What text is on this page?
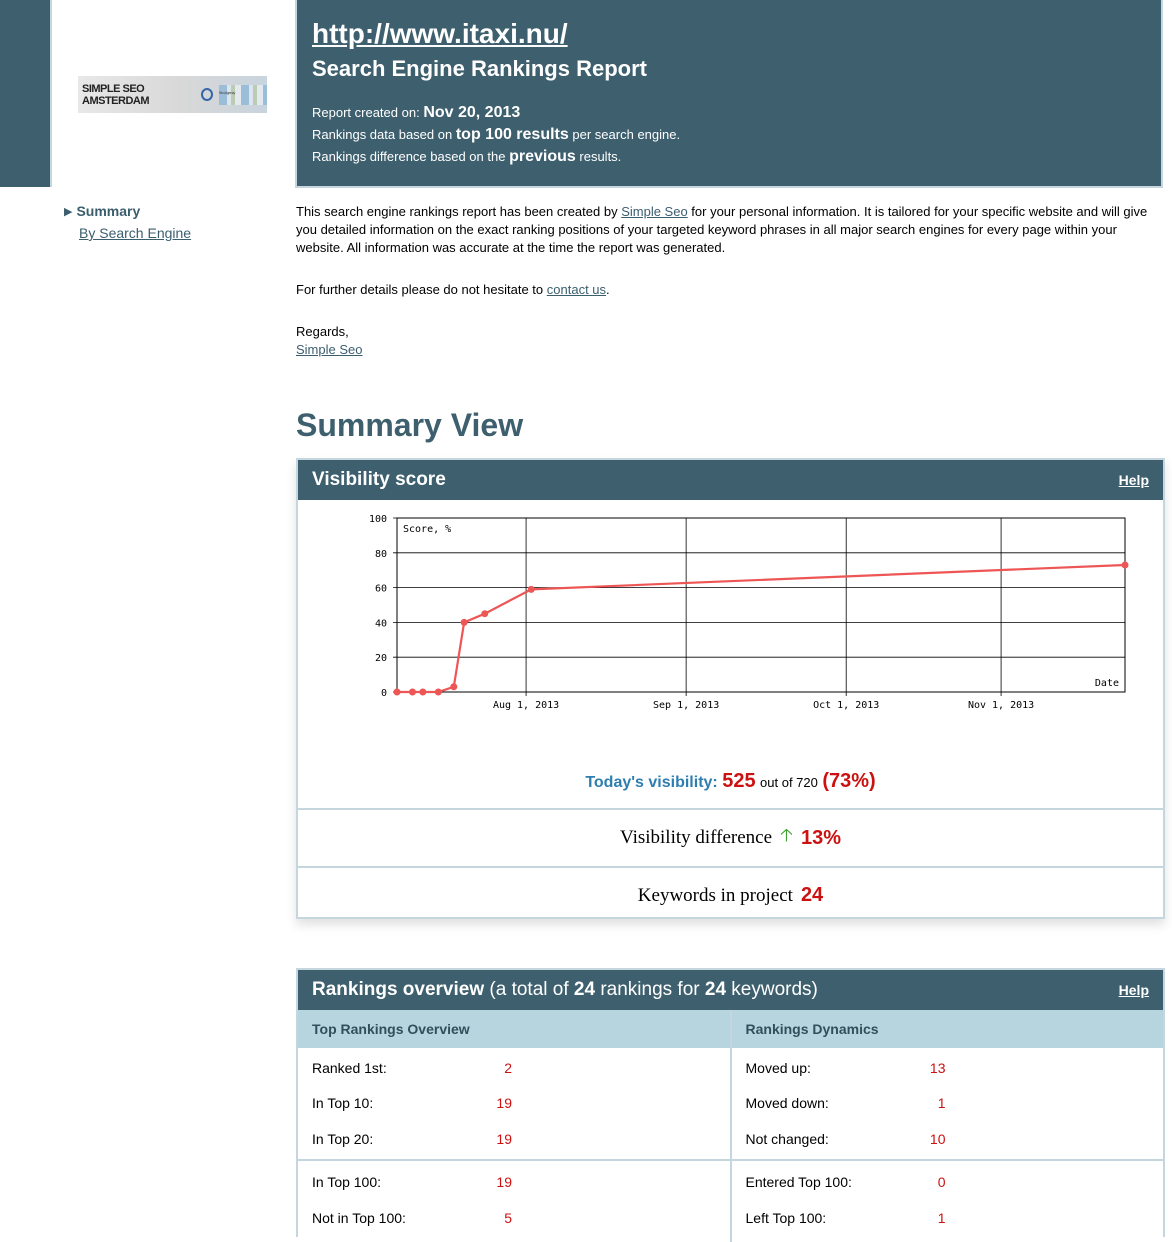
SIMPLE SEO AMSTERDAM
Seo Agency
▶ Summary
By Search Engine
http://www.itaxi.nu/
Search Engine Rankings Report
Report created on: Nov 20, 2013
Rankings data based on top 100 results per search engine.
Rankings difference based on the previous results.

This search engine rankings report has been created by Simple Seo for your personal information. It is tailored for your specific website and will give you detailed information on the exact ranking positions of your targeted keyword phrases in all major search engines for every page within your website. All information was accurate at the time the report was generated.

For further details please do not hesitate to contact us.

Regards,
Simple Seo

Summary View
Visibility score	Help
0
20
40
60
80
100
Aug 1, 2013	Sep 1, 2013	Oct 1, 2013	Nov 1, 2013
Score, %
Date
Today's visibility: 525 out of 720 (73%)
Visibility difference 🡡 13%
Keywords in project 24
Rankings overview (a total of 24 rankings for 24 keywords)	Help
Top Rankings Overview
Ranked 1st:	2
In Top 10:	19
In Top 20:	19
In Top 100:	19
Not in Top 100:	5
Rankings Dynamics
Moved up:	13
Moved down:	1
Not changed:	10
Entered Top 100:	0
Left Top 100:	1
